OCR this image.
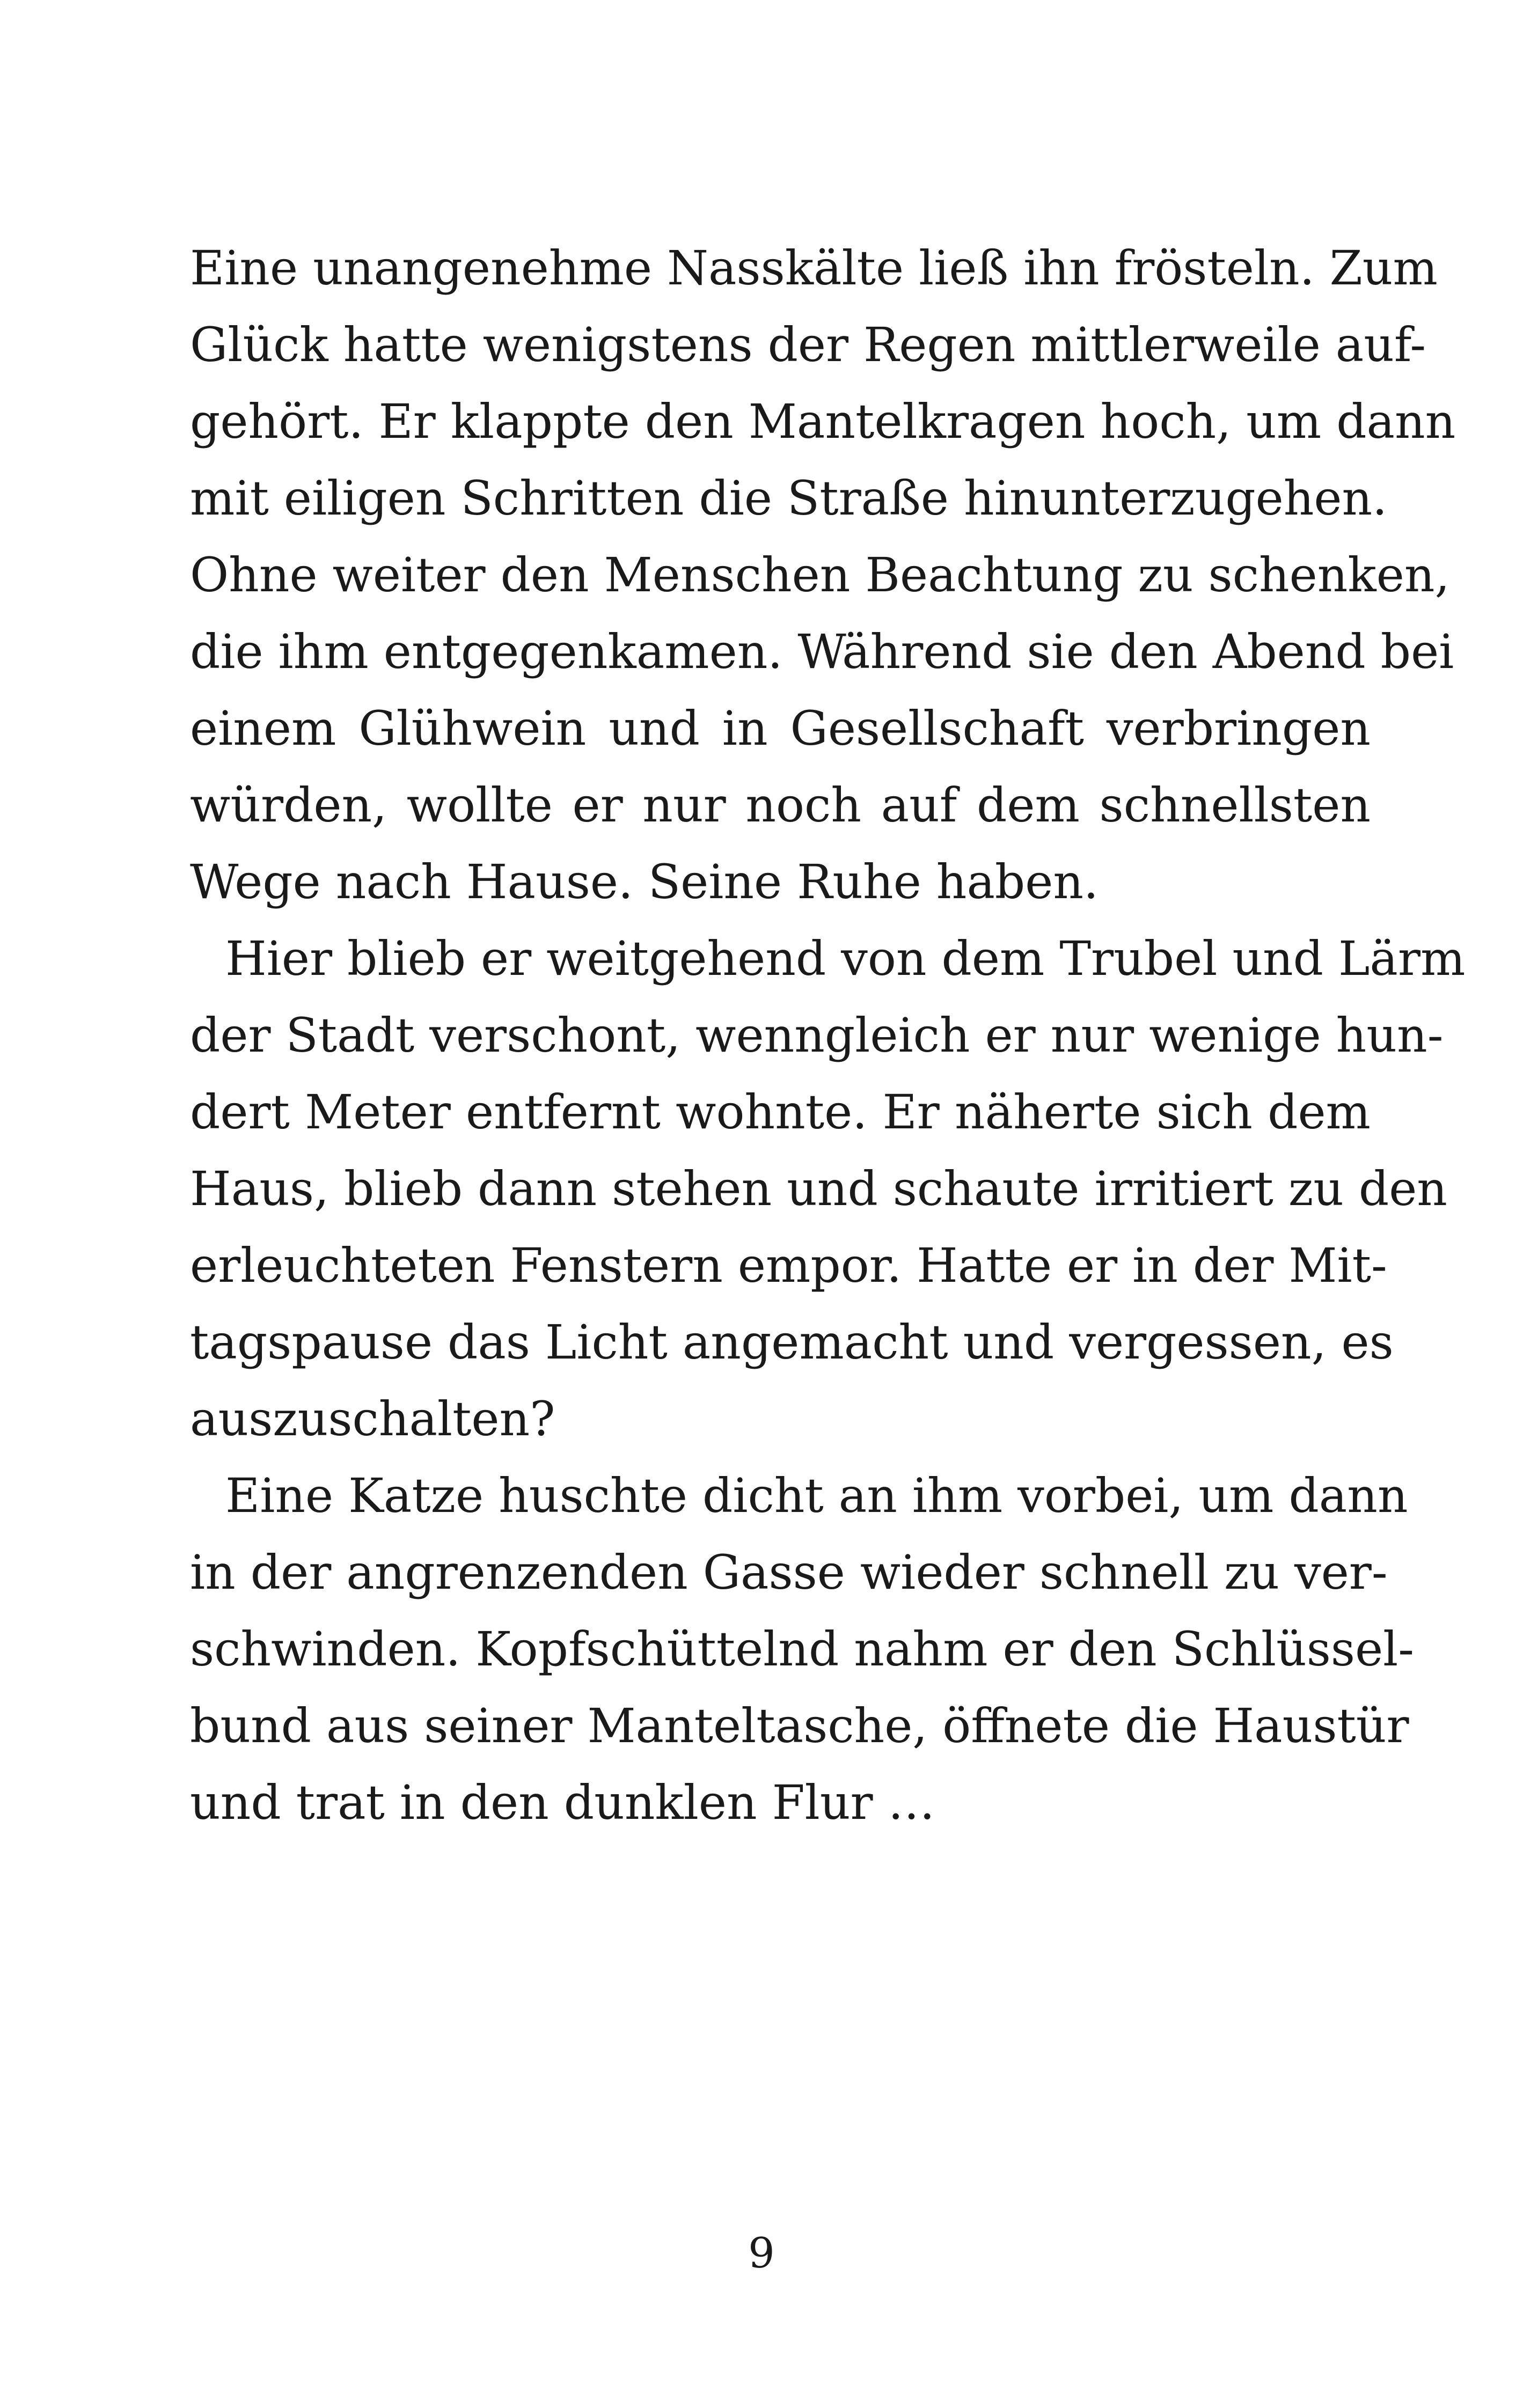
Eine unangenehme Nasskälte ließ ihn frösteln. Zum
Glück hatte wenigstens der Regen mittlerweile auf-
gehört. Er klappte den Mantelkragen hoch, um dann
mit eiligen Schritten die Straße hinunterzugehen.
Ohne weiter den Menschen Beachtung zu schenken,
die ihm entgegenkamen. Während sie den Abend bei
einem Glühwein und in Gesellschaft verbringen
würden, wollte er nur noch auf dem schnellsten
Wege nach Hause. Seine Ruhe haben.
Hier blieb er weitgehend von dem Trubel und Lärm
der Stadt verschont, wenngleich er nur wenige hun-
dert Meter entfernt wohnte. Er näherte sich dem
Haus, blieb dann stehen und schaute irritiert zu den
erleuchteten Fenstern empor. Hatte er in der Mit-
tagspause das Licht angemacht und vergessen, es
auszuschalten?
Eine Katze huschte dicht an ihm vorbei, um dann
in der angrenzenden Gasse wieder schnell zu ver-
schwinden. Kopfschüttelnd nahm er den Schlüssel-
bund aus seiner Manteltasche, öffnete die Haustür
und trat in den dunklen Flur …
9
